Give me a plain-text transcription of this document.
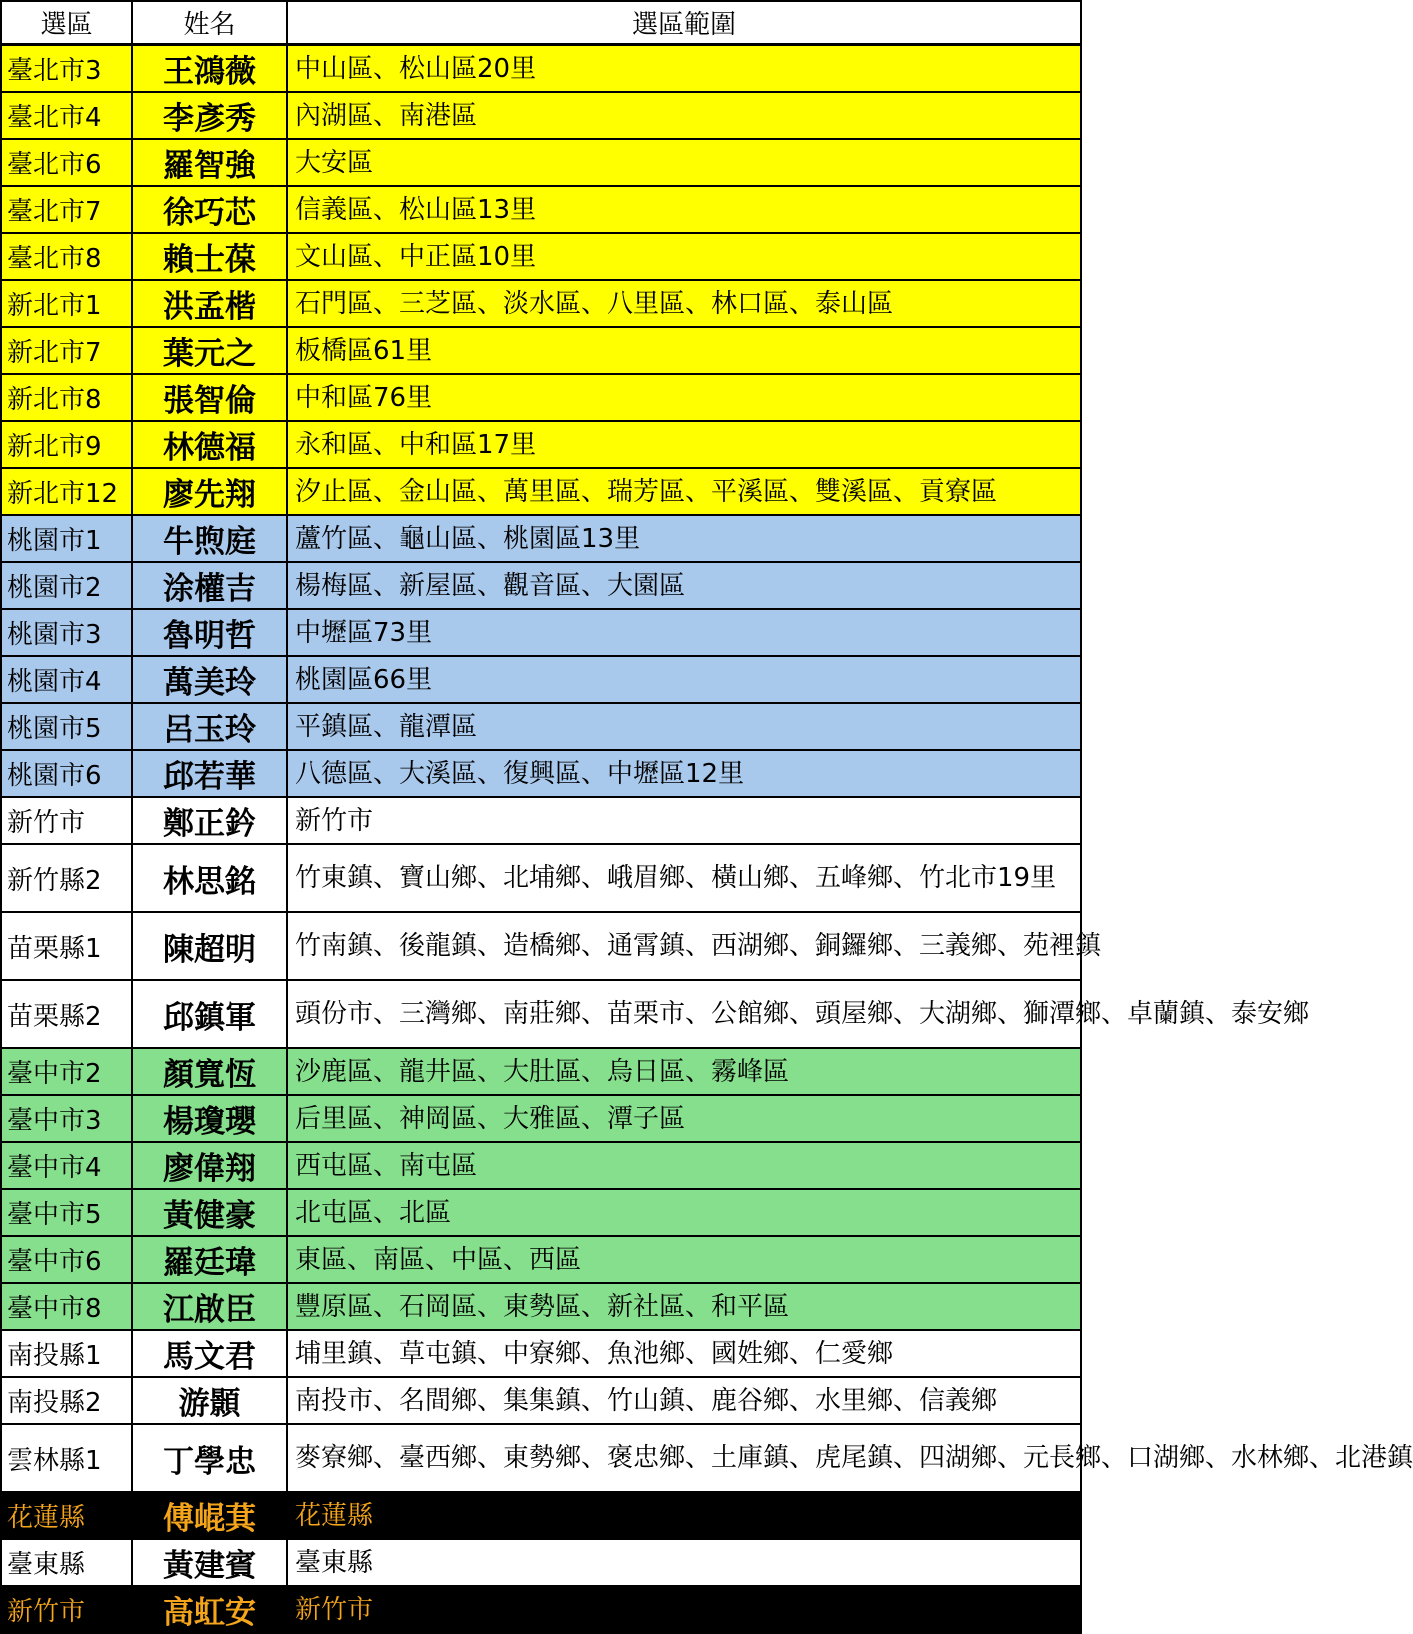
選區	姓名	選區範圍
臺北市3	王鴻薇	中山區、松山區20里
臺北市4	李彥秀	內湖區、南港區
臺北市6	羅智強	大安區
臺北市7	徐巧芯	信義區、松山區13里
臺北市8	賴士葆	文山區、中正區10里
新北市1	洪孟楷	石門區、三芝區、淡水區、八里區、林口區、泰山區
新北市7	葉元之	板橋區61里
新北市8	張智倫	中和區76里
新北市9	林德福	永和區、中和區17里
新北市12	廖先翔	汐止區、金山區、萬里區、瑞芳區、平溪區、雙溪區、貢寮區
桃園市1	牛煦庭	蘆竹區、龜山區、桃園區13里
桃園市2	涂權吉	楊梅區、新屋區、觀音區、大園區
桃園市3	魯明哲	中壢區73里
桃園市4	萬美玲	桃園區66里
桃園市5	呂玉玲	平鎮區、龍潭區
桃園市6	邱若華	八德區、大溪區、復興區、中壢區12里
新竹市	鄭正鈐	新竹市
新竹縣2	林思銘	竹東鎮、寶山鄉、北埔鄉、峨眉鄉、橫山鄉、五峰鄉、竹北市19里
苗栗縣1	陳超明	竹南鎮、後龍鎮、造橋鄉、通霄鎮、西湖鄉、銅鑼鄉、三義鄉、苑裡鎮
苗栗縣2	邱鎮軍	頭份市、三灣鄉、南莊鄉、苗栗市、公館鄉、頭屋鄉、大湖鄉、獅潭鄉、卓蘭鎮、泰安鄉
臺中市2	顏寬恆	沙鹿區、龍井區、大肚區、烏日區、霧峰區
臺中市3	楊瓊瓔	后里區、神岡區、大雅區、潭子區
臺中市4	廖偉翔	西屯區、南屯區
臺中市5	黃健豪	北屯區、北區
臺中市6	羅廷瑋	東區、南區、中區、西區
臺中市8	江啟臣	豐原區、石岡區、東勢區、新社區、和平區
南投縣1	馬文君	埔里鎮、草屯鎮、中寮鄉、魚池鄉、國姓鄉、仁愛鄉
南投縣2	游顥	南投市、名間鄉、集集鎮、竹山鎮、鹿谷鄉、水里鄉、信義鄉
雲林縣1	丁學忠	麥寮鄉、臺西鄉、東勢鄉、褒忠鄉、土庫鎮、虎尾鎮、四湖鄉、元長鄉、口湖鄉、水林鄉、北港鎮
花蓮縣	傅崐萁	花蓮縣
臺東縣	黃建賓	臺東縣
新竹市	高虹安	新竹市
